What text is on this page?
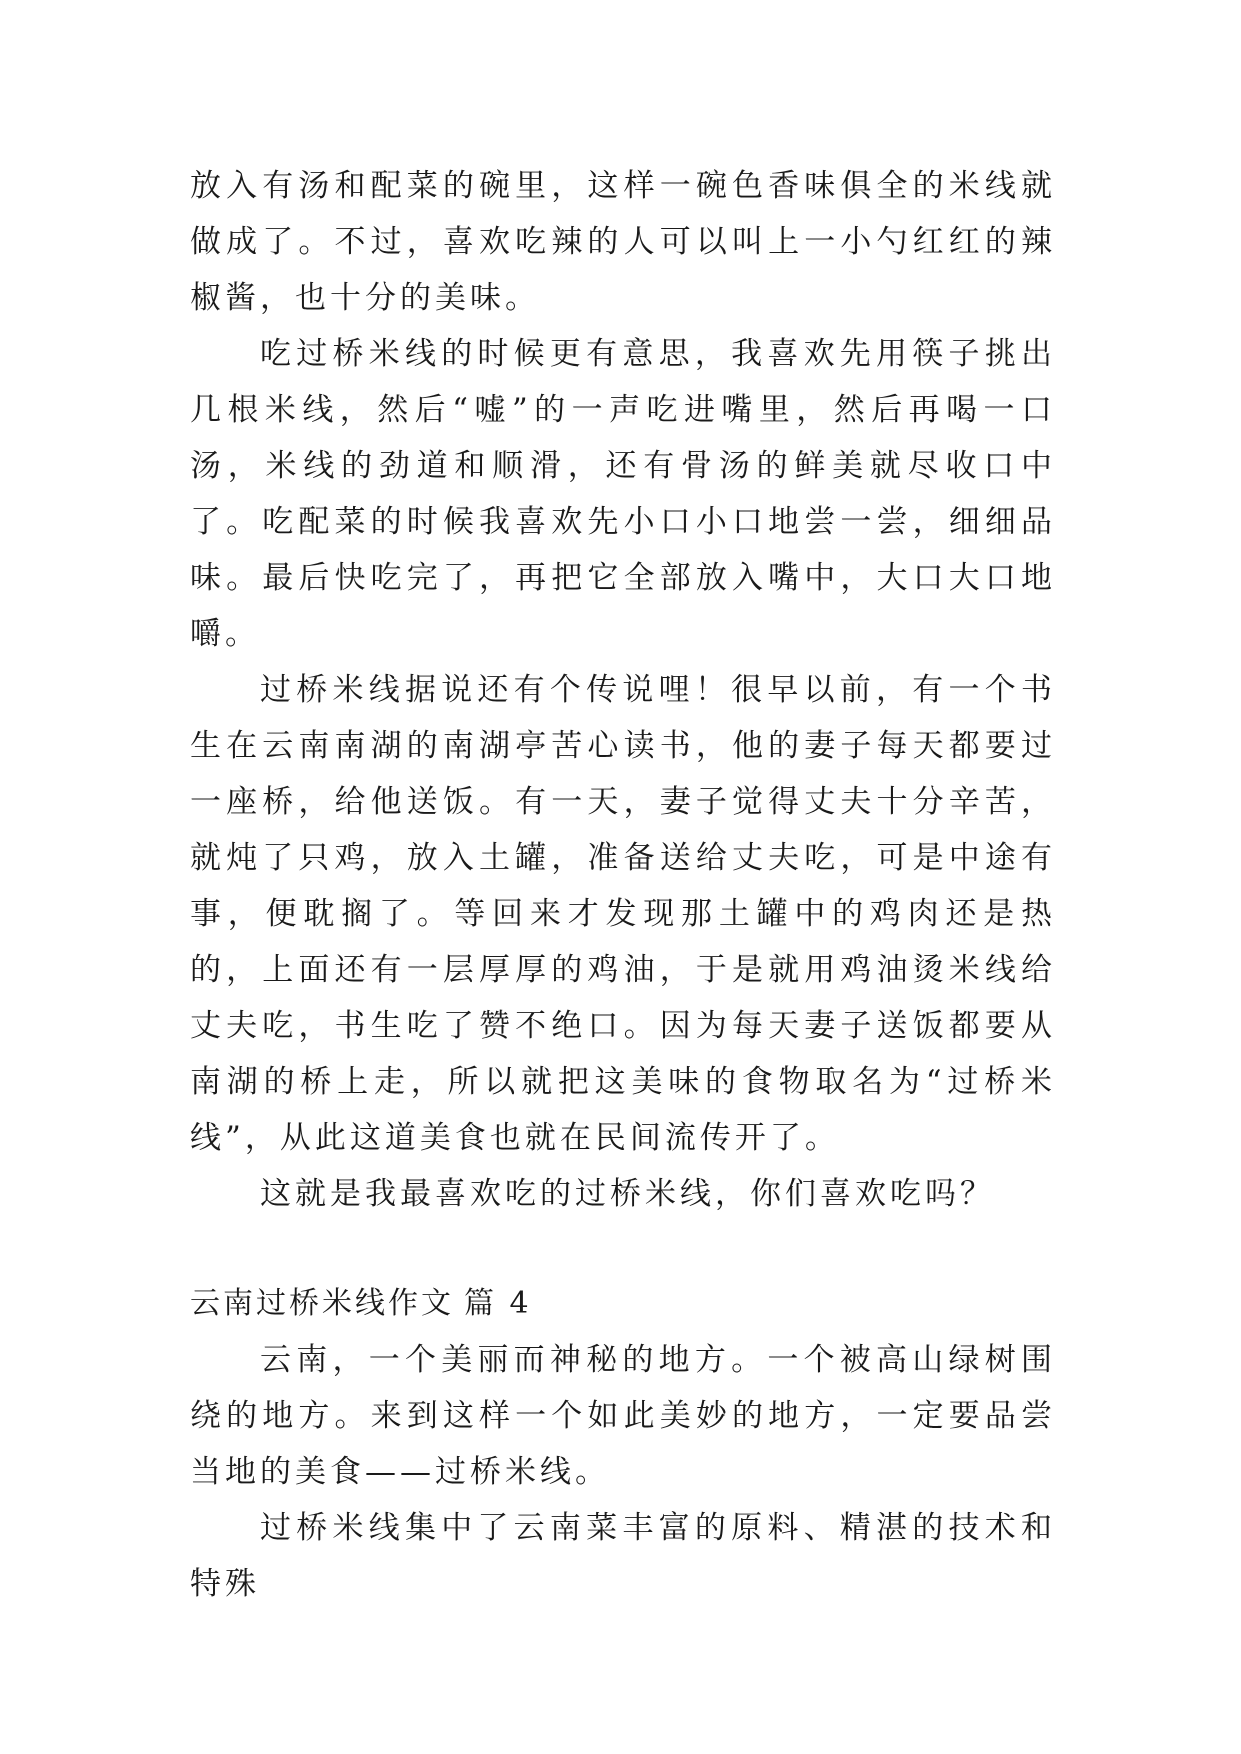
放入有汤和配菜的碗里，这样一碗色香味俱全的米线就做成了。不过，喜欢吃辣的人可以叫上一小勺红红的辣椒酱，也十分的美味。

吃过桥米线的时候更有意思，我喜欢先用筷子挑出几根米线，然后“嘘”的一声吃进嘴里，然后再喝一口汤，米线的劲道和顺滑，还有骨汤的鲜美就尽收口中了。吃配菜的时候我喜欢先小口小口地尝一尝，细细品味。最后快吃完了，再把它全部放入嘴中，大口大口地嚼。

过桥米线据说还有个传说哩！很早以前，有一个书生在云南南湖的南湖亭苦心读书，他的妻子每天都要过一座桥，给他送饭。有一天，妻子觉得丈夫十分辛苦，就炖了只鸡，放入土罐，准备送给丈夫吃，可是中途有事，便耽搁了。等回来才发现那土罐中的鸡肉还是热的，上面还有一层厚厚的鸡油，于是就用鸡油烫米线给丈夫吃，书生吃了赞不绝口。因为每天妻子送饭都要从南湖的桥上走，所以就把这美味的食物取名为“过桥米线”，从此这道美食也就在民间流传开了。

这就是我最喜欢吃的过桥米线，你们喜欢吃吗？

云南过桥米线作文 篇 4

云南，一个美丽而神秘的地方。一个被高山绿树围绕的地方。来到这样一个如此美妙的地方，一定要品尝当地的美食——过桥米线。

过桥米线集中了云南菜丰富的原料、精湛的技术和特殊
